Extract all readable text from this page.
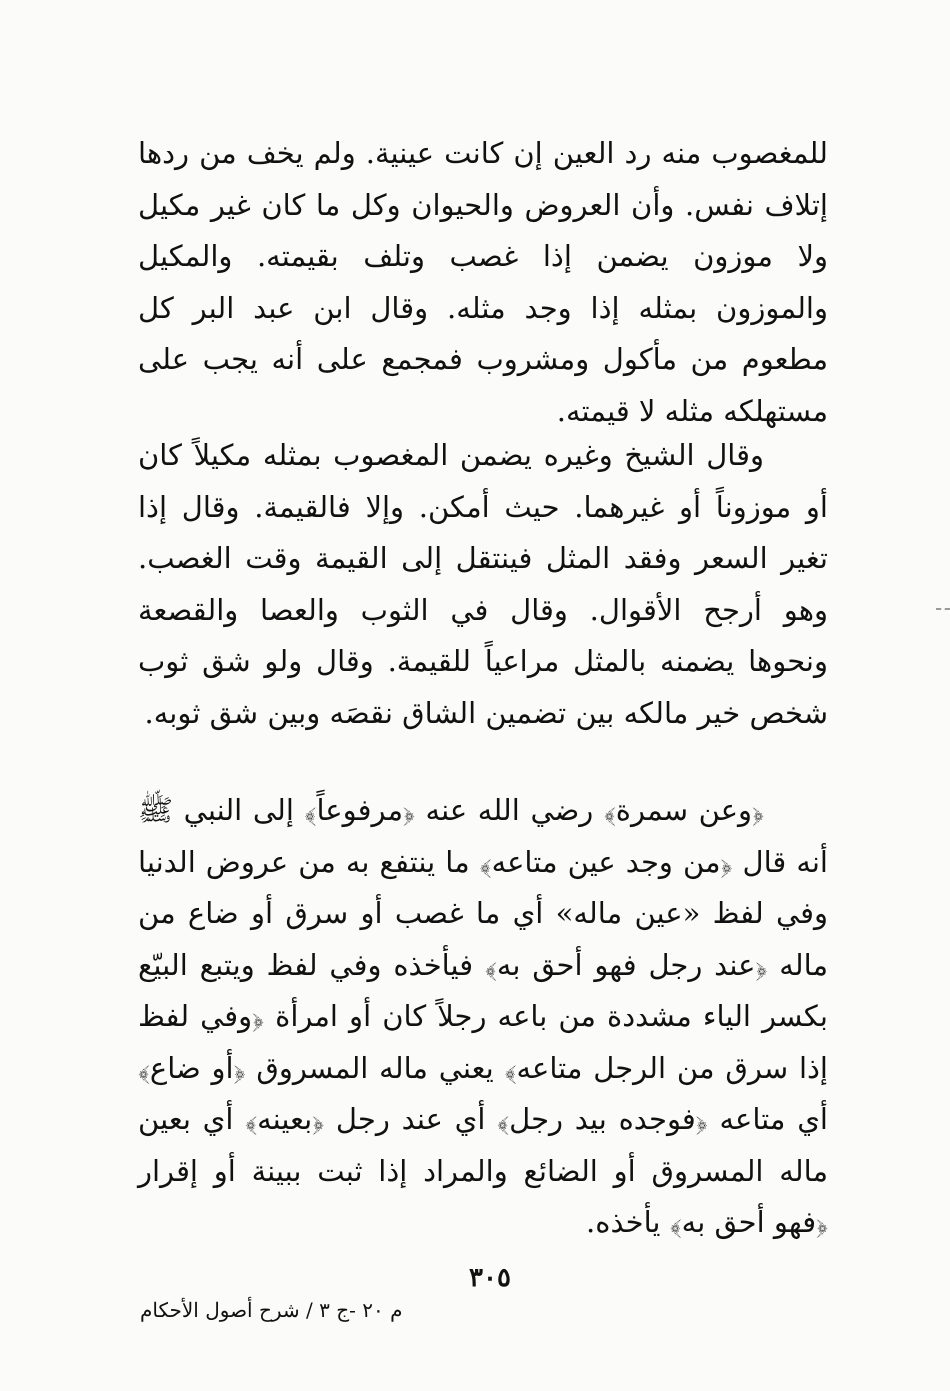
للمغصوب منه رد العين إن كانت عينية. ولم يخف من ردها إتلاف نفس. وأن العروض والحيوان وكل ما كان غير مكيل ولا موزون يضمن إذا غصب وتلف بقيمته. والمكيل والموزون بمثله إذا وجد مثله. وقال ابن عبد البر كل مطعوم من مأكول ومشروب فمجمع على أنه يجب على مستهلكه مثله لا قيمته.

وقال الشيخ وغيره يضمن المغصوب بمثله مكيلاً كان أو موزوناً أو غيرهما. حيث أمكن. وإلا فالقيمة. وقال إذا تغير السعر وفقد المثل فينتقل إلى القيمة وقت الغصب. وهو أرجح الأقوال. وقال في الثوب والعصا والقصعة ونحوها يضمنه بالمثل مراعياً للقيمة. وقال ولو شق ثوب شخص خير مالكه بين تضمين الشاق نقصَه وبين شق ثوبه.

﴿وعن سمرة﴾ رضي الله عنه ﴿مرفوعاً﴾ إلى النبي ﷺ أنه قال ﴿من وجد عين متاعه﴾ ما ينتفع به من عروض الدنيا وفي لفظ «عين ماله» أي ما غصب أو سرق أو ضاع من ماله ﴿عند رجل فهو أحق به﴾ فيأخذه وفي لفظ ويتبع البيّع بكسر الياء مشددة من باعه رجلاً كان أو امرأة ﴿وفي لفظ إذا سرق من الرجل متاعه﴾ يعني ماله المسروق ﴿أو ضاع﴾ أي متاعه ﴿فوجده بيد رجل﴾ أي عند رجل ﴿بعينه﴾ أي بعين ماله المسروق أو الضائع والمراد إذا ثبت ببينة أو إقرار ﴿فهو أحق به﴾ يأخذه.

٣٠٥
م ٢٠ -ج ٣ / شرح أصول الأحكام
